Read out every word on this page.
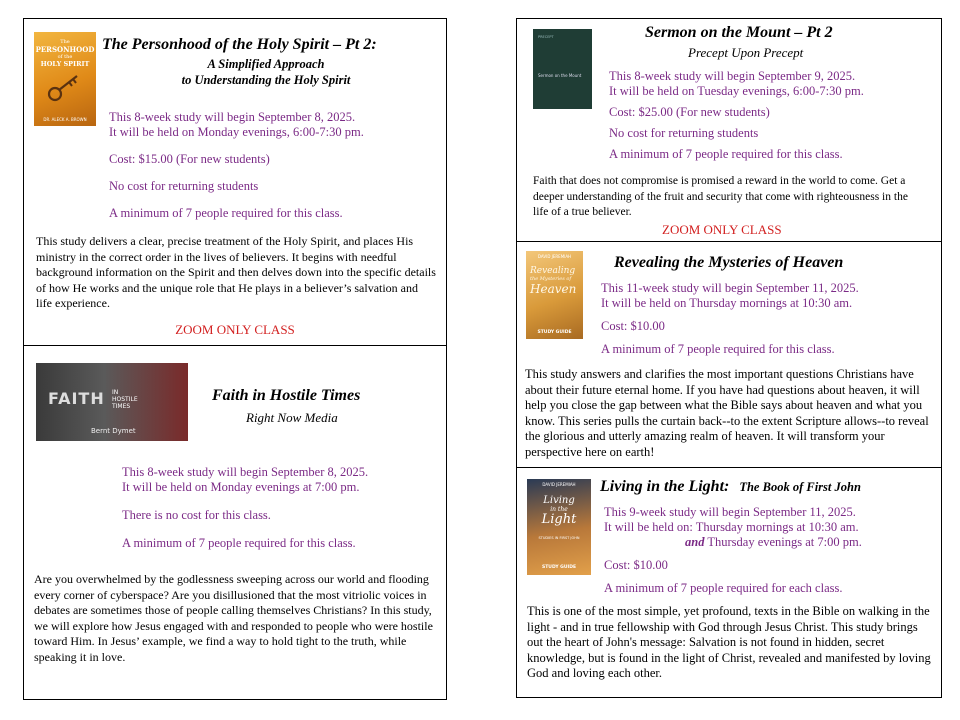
The
PERSONHOOD
of the
HOLY SPIRIT
DR. ALECK A. BROWN
The Personhood of the Holy Spirit – Pt 2:
A Simplified Approach
to Understanding the Holy Spirit
This 8-week study will begin September 8, 2025.
It will be held on Monday evenings, 6:00-7:30 pm.
Cost: $15.00 (For new students)
No cost for returning students
A minimum of 7 people required for this class.
This study delivers a clear, precise treatment of the Holy Spirit, and places His ministry in the correct order in the lives of believers. It begins with needful background information on the Spirit and then delves down into the specific details of how He works and the unique role that He plays in a believer’s salvation and life experience.
ZOOM ONLY CLASS
FAITH IN
HOSTILE
TIMES
Bernt Dymet
Faith in Hostile Times
Right Now Media
This 8-week study will begin September 8, 2025.
It will be held on Monday evenings at 7:00 pm.
There is no cost for this class.
A minimum of 7 people required for this class.
Are you overwhelmed by the godlessness sweeping across our world and flooding every corner of cyberspace? Are you disillusioned that the most vitriolic voices in debates are sometimes those of people calling themselves Christians? In this study, we will explore how Jesus engaged with and responded to people who were hostile toward Him. In Jesus’ example, we find a way to hold tight to the truth, while speaking it in love.
PRECEPT
Sermon on the Mount
Sermon on the Mount – Pt 2
Precept Upon Precept
This 8-week study will begin September 9, 2025.
It will be held on Tuesday evenings, 6:00-7:30 pm.
Cost: $25.00 (For new students)
No cost for returning students
A minimum of 7 people required for this class.
Faith that does not compromise is promised a reward in the world to come. Get a deeper understanding of the fruit and security that come with righteousness in the life of a true believer.
ZOOM ONLY CLASS
DAVID JEREMIAH
Revealing
the Mysteries of
Heaven
STUDY GUIDE
Revealing the Mysteries of Heaven
This 11-week study will begin September 11, 2025.
It will be held on Thursday mornings at 10:30 am.
Cost: $10.00
A minimum of 7 people required for this class.
This study answers and clarifies the most important questions Christians have about their future eternal home. If you have had questions about heaven, it will help you close the gap between what the Bible says about heaven and what you know. This series pulls the curtain back--to the extent Scripture allows--to reveal the glorious and utterly amazing realm of heaven. It will transform your perspective here on earth!
DAVID JEREMIAH
Living
in the
Light
STUDIES IN FIRST JOHN
STUDY GUIDE
Living in the Light: The Book of First John
This 9-week study will begin September 11, 2025.
It will be held on: Thursday mornings at 10:30 am.
and Thursday evenings at 7:00 pm.
Cost: $10.00
A minimum of 7 people required for each class.
This is one of the most simple, yet profound, texts in the Bible on walking in the light - and in true fellowship with God through Jesus Christ. This study brings out the heart of John's message: Salvation is not found in hidden, secret knowledge, but is found in the light of Christ, revealed and manifested by loving God and loving each other.
